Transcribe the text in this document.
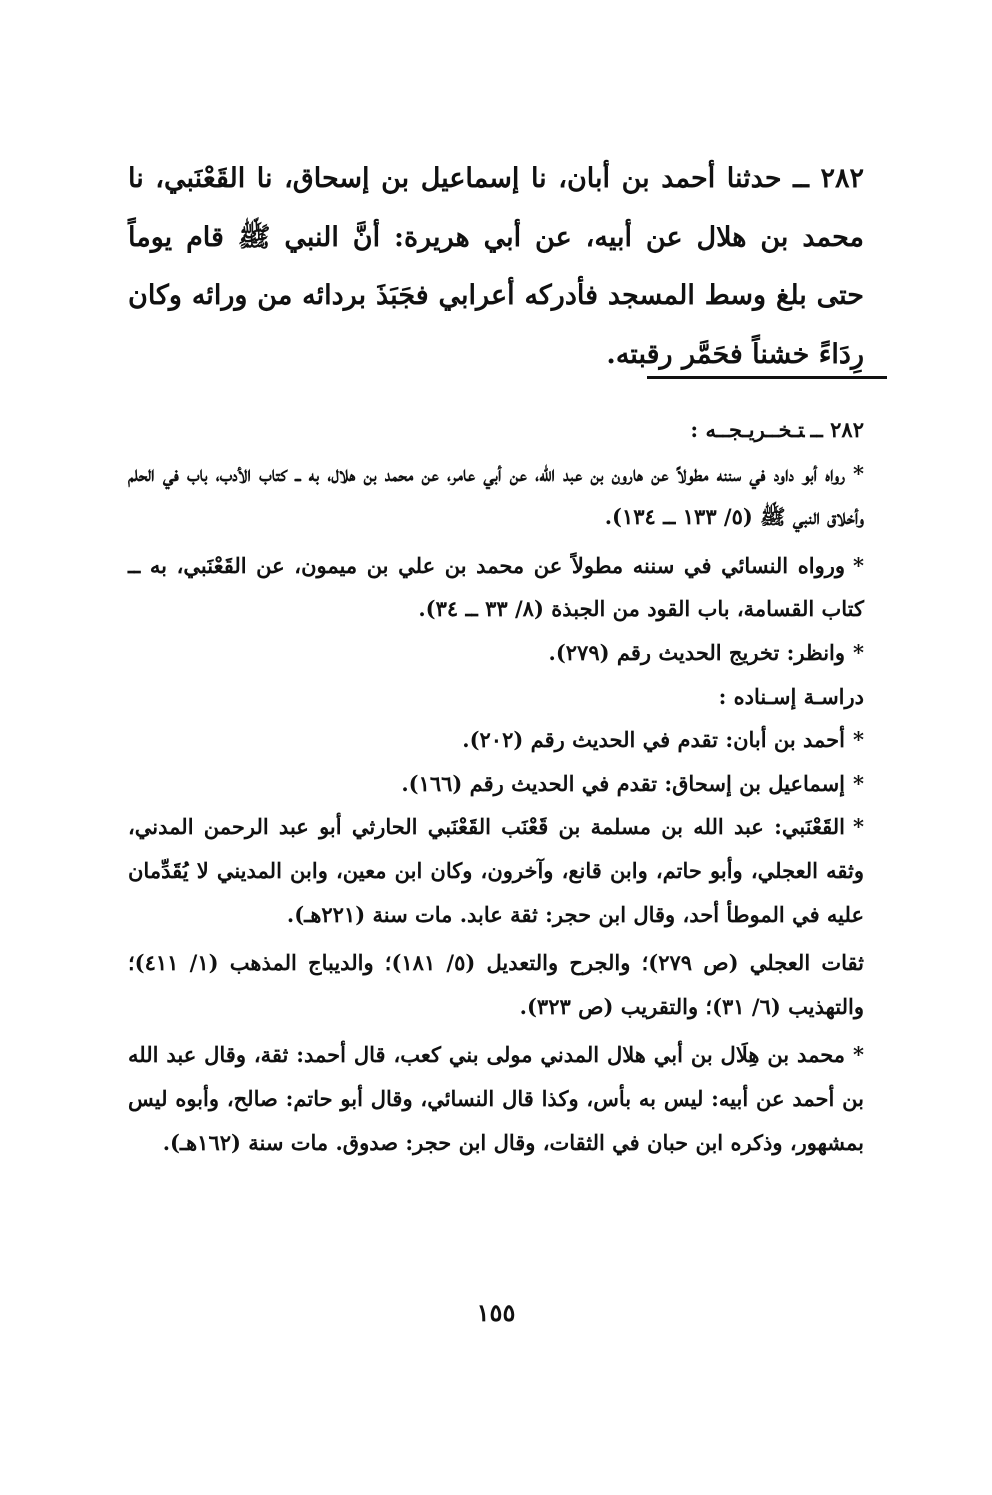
٢٨٢ ــ حدثنا أحمد بن أبان، نا إسماعيل بن إسحاق، نا القَعْنَبي، نا محمد بن هلال عن أبيه، عن أبي هريرة: أنَّ النبي ﷺ قام يوماً حتى بلغ وسط المسجد فأدركه أعرابي فجَبَذَ بردائه من ورائه وكان رِدَاءً خشناً فحَمَّر رقبته.

٢٨٢ ــتـخــريـجــه :

*رواه أبو داود في سننه مطولاً عن هارون بن عبد الله، عن أبي عامر، عن محمد بن هلال، به ــ كتاب الأدب، باب في الحلم وأخلاق النبي ﷺ (٥/ ١٣٣ ــ ١٣٤).

*ورواه النسائي في سننه مطولاً عن محمد بن علي بن ميمون، عن القَعْنَبي، به ــ كتاب القسامة، باب القود من الجبذة (٨/ ٣٣ ــ ٣٤).

*وانظر: تخريج الحديث رقم (٢٧٩).

دراسـة إسـناده :

*أحمد بن أبان: تقدم في الحديث رقم (٢٠٢).

*إسماعيل بن إسحاق: تقدم في الحديث رقم (١٦٦).

*القَعْنَبي: عبد الله بن مسلمة بن قَعْنَب القَعْنَبي الحارثي أبو عبد الرحمن المدني، وثقه العجلي، وأبو حاتم، وابن قانع، وآخرون، وكان ابن معين، وابن المديني لا يُقَدِّمان عليه في الموطأ أحد، وقال ابن حجر: ثقة عابد. مات سنة (٢٢١هـ).

ثقات العجلي (ص ٢٧٩)؛ والجرح والتعديل (٥/ ١٨١)؛ والديباج المذهب (١/ ٤١١)؛ والتهذيب (٦/ ٣١)؛ والتقريب (ص ٣٢٣).

*محمد بن هِلَال بن أبي هلال المدني مولى بني كعب، قال أحمد: ثقة، وقال عبد الله بن أحمد عن أبيه: ليس به بأس، وكذا قال النسائي، وقال أبو حاتم: صالح، وأبوه ليس بمشهور، وذكره ابن حبان في الثقات، وقال ابن حجر: صدوق. مات سنة (١٦٢هـ).

١٥٥
